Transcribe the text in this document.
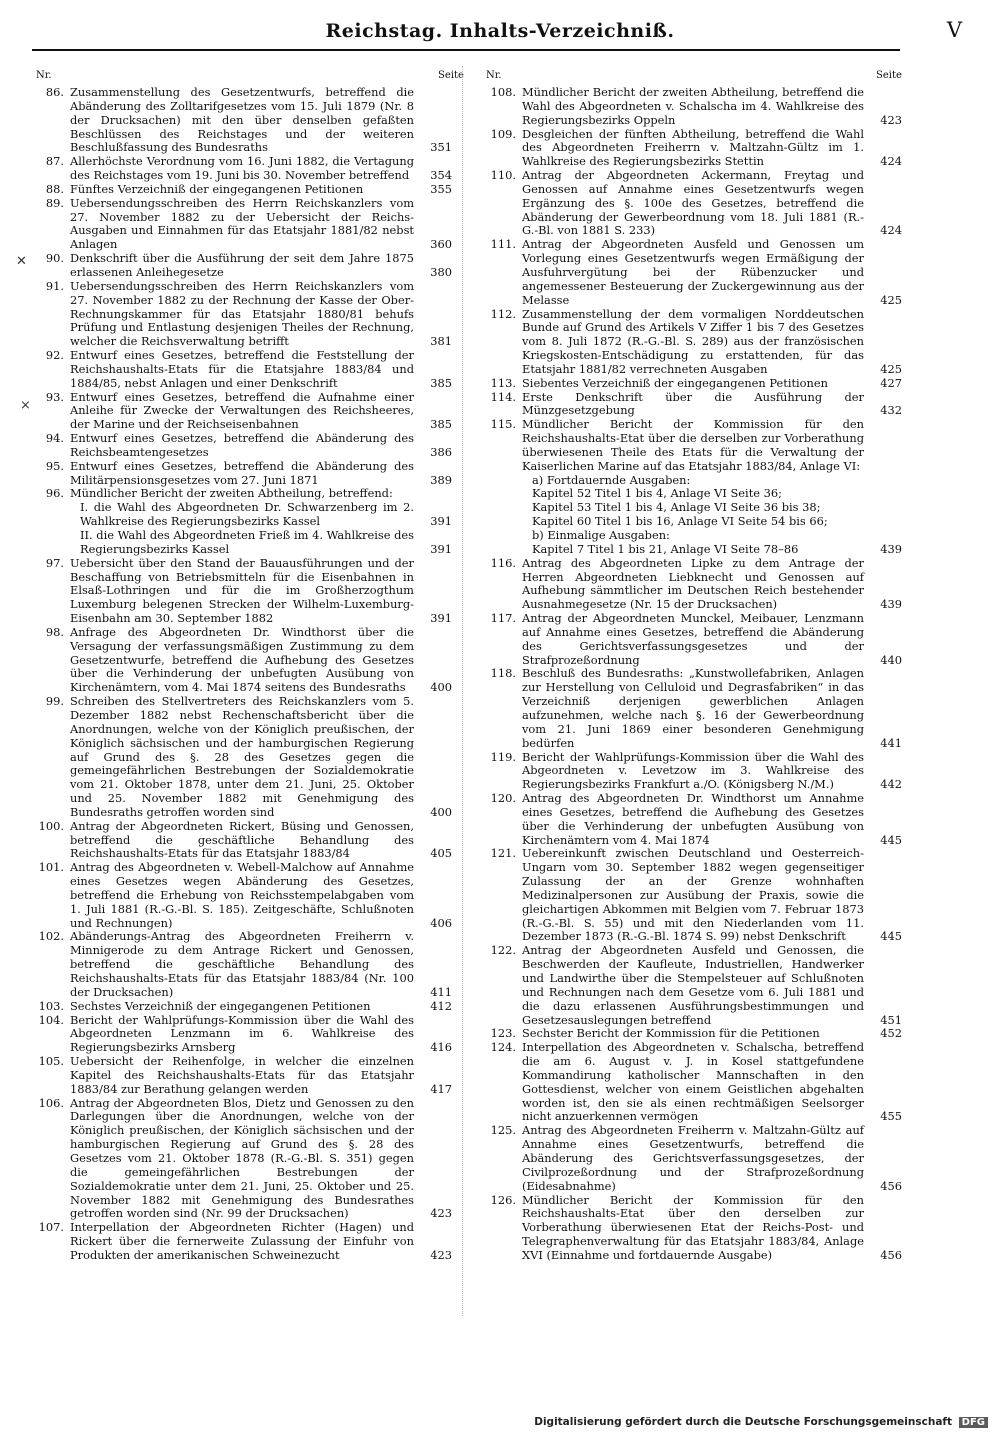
Reichstag. Inhalts-Verzeichniß.	V
Nr.	Seite Nr.	Seite
✕
×
86. Zusammenstellung des Gesetzentwurfs, betreffend die Abänderung des Zolltarifgesetzes vom 15. Juli 1879 (Nr. 8 der Drucksachen) mit den über denselben gefaßten Beschlüssen des Reichstages und der weiteren Beschlußfassung des Bundesraths	351
87. Allerhöchste Verordnung vom 16. Juni 1882, die Vertagung des Reichstages vom 19. Juni bis 30. November betreffend	354
88. Fünftes Verzeichniß der eingegangenen Petitionen	355
89. Uebersendungsschreiben des Herrn Reichskanzlers vom 27. November 1882 zu der Uebersicht der Reichs-Ausgaben und Einnahmen für das Etatsjahr 1881/82 nebst Anlagen	360
90. Denkschrift über die Ausführung der seit dem Jahre 1875 erlassenen Anleihegesetze	380
91. Uebersendungsschreiben des Herrn Reichskanzlers vom 27. November 1882 zu der Rechnung der Kasse der Ober-Rechnungskammer für das Etatsjahr 1880/81 behufs Prüfung und Entlastung desjenigen Theiles der Rechnung, welcher die Reichsverwaltung betrifft	381
92. Entwurf eines Gesetzes, betreffend die Feststellung der Reichshaushalts-Etats für die Etatsjahre 1883/84 und 1884/85, nebst Anlagen und einer Denkschrift	385
93. Entwurf eines Gesetzes, betreffend die Aufnahme einer Anleihe für Zwecke der Verwaltungen des Reichsheeres, der Marine und der Reichseisenbahnen	385
94. Entwurf eines Gesetzes, betreffend die Abänderung des Reichsbeamtengesetzes	386
95. Entwurf eines Gesetzes, betreffend die Abänderung des Militärpensionsgesetzes vom 27. Juni 1871	389
96. Mündlicher Bericht der zweiten Abtheilung, betreffend:
I. die Wahl des Abgeordneten Dr. Schwarzenberg im 2. Wahlkreise des Regierungsbezirks Kassel	391
II. die Wahl des Abgeordneten Frieß im 4. Wahlkreise des Regierungsbezirks Kassel	391
97. Uebersicht über den Stand der Bauausführungen und der Beschaffung von Betriebsmitteln für die Eisenbahnen in Elsaß-Lothringen und für die im Großherzogthum Luxemburg belegenen Strecken der Wilhelm-Luxemburg-Eisenbahn am 30. September 1882	391
98. Anfrage des Abgeordneten Dr. Windthorst über die Versagung der verfassungsmäßigen Zustimmung zu dem Gesetzentwurfe, betreffend die Aufhebung des Gesetzes über die Verhinderung der unbefugten Ausübung von Kirchenämtern, vom 4. Mai 1874 seitens des Bundesraths	400
99. Schreiben des Stellvertreters des Reichskanzlers vom 5. Dezember 1882 nebst Rechenschaftsbericht über die Anordnungen, welche von der Königlich preußischen, der Königlich sächsischen und der hamburgischen Regierung auf Grund des §. 28 des Gesetzes gegen die gemeingefährlichen Bestrebungen der Sozialdemokratie vom 21. Oktober 1878, unter dem 21. Juni, 25. Oktober und 25. November 1882 mit Genehmigung des Bundesraths getroffen worden sind	400
100. Antrag der Abgeordneten Rickert, Büsing und Genossen, betreffend die geschäftliche Behandlung des Reichshaushalts-Etats für das Etatsjahr 1883/84	405
101. Antrag des Abgeordneten v. Webell-Malchow auf Annahme eines Gesetzes wegen Abänderung des Gesetzes, betreffend die Erhebung von Reichsstempelabgaben vom 1. Juli 1881 (R.-G.-Bl. S. 185). Zeitgeschäfte, Schlußnoten und Rechnungen)	406
102. Abänderungs-Antrag des Abgeordneten Freiherrn v. Minnigerode zu dem Antrage Rickert und Genossen, betreffend die geschäftliche Behandlung des Reichshaushalts-Etats für das Etatsjahr 1883/84 (Nr. 100 der Drucksachen)	411
103. Sechstes Verzeichniß der eingegangenen Petitionen	412
104. Bericht der Wahlprüfungs-Kommission über die Wahl des Abgeordneten Lenzmann im 6. Wahlkreise des Regierungsbezirks Arnsberg	416
105. Uebersicht der Reihenfolge, in welcher die einzelnen Kapitel des Reichshaushalts-Etats für das Etatsjahr 1883/84 zur Berathung gelangen werden	417
106. Antrag der Abgeordneten Blos, Dietz und Genossen zu den Darlegungen über die Anordnungen, welche von der Königlich preußischen, der Königlich sächsischen und der hamburgischen Regierung auf Grund des §. 28 des Gesetzes vom 21. Oktober 1878 (R.-G.-Bl. S. 351) gegen die gemeingefährlichen Bestrebungen der Sozialdemokratie unter dem 21. Juni, 25. Oktober und 25. November 1882 mit Genehmigung des Bundesrathes getroffen worden sind (Nr. 99 der Drucksachen)	423
107. Interpellation der Abgeordneten Richter (Hagen) und Rickert über die fernerweite Zulassung der Einfuhr von Produkten der amerikanischen Schweinezucht	423
108. Mündlicher Bericht der zweiten Abtheilung, betreffend die Wahl des Abgeordneten v. Schalscha im 4. Wahlkreise des Regierungsbezirks Oppeln	423
109. Desgleichen der fünften Abtheilung, betreffend die Wahl des Abgeordneten Freiherrn v. Maltzahn-Gültz im 1. Wahlkreise des Regierungsbezirks Stettin	424
110. Antrag der Abgeordneten Ackermann, Freytag und Genossen auf Annahme eines Gesetzentwurfs wegen Ergänzung des §. 100e des Gesetzes, betreffend die Abänderung der Gewerbeordnung vom 18. Juli 1881 (R.-G.-Bl. von 1881 S. 233)	424
111. Antrag der Abgeordneten Ausfeld und Genossen um Vorlegung eines Gesetzentwurfs wegen Ermäßigung der Ausfuhrvergütung bei der Rübenzucker und angemessener Besteuerung der Zuckergewinnung aus der Melasse	425
112. Zusammenstellung der dem vormaligen Norddeutschen Bunde auf Grund des Artikels V Ziffer 1 bis 7 des Gesetzes vom 8. Juli 1872 (R.-G.-Bl. S. 289) aus der französischen Kriegskosten-Entschädigung zu erstattenden, für das Etatsjahr 1881/82 verrechneten Ausgaben	425
113. Siebentes Verzeichniß der eingegangenen Petitionen	427
114. Erste Denkschrift über die Ausführung der Münzgesetzgebung	432
115. Mündlicher Bericht der Kommission für den Reichshaushalts-Etat über die derselben zur Vorberathung überwiesenen Theile des Etats für die Verwaltung der Kaiserlichen Marine auf das Etatsjahr 1883/84, Anlage VI:
a) Fortdauernde Ausgaben:
Kapitel 52 Titel 1 bis 4, Anlage VI Seite 36;
Kapitel 53 Titel 1 bis 4, Anlage VI Seite 36 bis 38;
Kapitel 60 Titel 1 bis 16, Anlage VI Seite 54 bis 66;
b) Einmalige Ausgaben:
Kapitel 7 Titel 1 bis 21, Anlage VI Seite 78–86	439
116. Antrag des Abgeordneten Lipke zu dem Antrage der Herren Abgeordneten Liebknecht und Genossen auf Aufhebung sämmtlicher im Deutschen Reich bestehender Ausnahmegesetze (Nr. 15 der Drucksachen)	439
117. Antrag der Abgeordneten Munckel, Meibauer, Lenzmann auf Annahme eines Gesetzes, betreffend die Abänderung des Gerichtsverfassungsgesetzes und der Strafprozeßordnung	440
118. Beschluß des Bundesraths: „Kunstwollefabriken, Anlagen zur Herstellung von Celluloid und Degrasfabriken“ in das Verzeichniß derjenigen gewerblichen Anlagen aufzunehmen, welche nach §. 16 der Gewerbeordnung vom 21. Juni 1869 einer besonderen Genehmigung bedürfen	441
119. Bericht der Wahlprüfungs-Kommission über die Wahl des Abgeordneten v. Levetzow im 3. Wahlkreise des Regierungsbezirks Frankfurt a./O. (Königsberg N./M.)	442
120. Antrag des Abgeordneten Dr. Windthorst um Annahme eines Gesetzes, betreffend die Aufhebung des Gesetzes über die Verhinderung der unbefugten Ausübung von Kirchenämtern vom 4. Mai 1874	445
121. Uebereinkunft zwischen Deutschland und Oesterreich-Ungarn vom 30. September 1882 wegen gegenseitiger Zulassung der an der Grenze wohnhaften Medizinalpersonen zur Ausübung der Praxis, sowie die gleichartigen Abkommen mit Belgien vom 7. Februar 1873 (R.-G.-Bl. S. 55) und mit den Niederlanden vom 11. Dezember 1873 (R.-G.-Bl. 1874 S. 99) nebst Denkschrift	445
122. Antrag der Abgeordneten Ausfeld und Genossen, die Beschwerden der Kaufleute, Industriellen, Handwerker und Landwirthe über die Stempelsteuer auf Schlußnoten und Rechnungen nach dem Gesetze vom 6. Juli 1881 und die dazu erlassenen Ausführungsbestimmungen und Gesetzesauslegungen betreffend	451
123. Sechster Bericht der Kommission für die Petitionen	452
124. Interpellation des Abgeordneten v. Schalscha, betreffend die am 6. August v. J. in Kosel stattgefundene Kommandirung katholischer Mannschaften in den Gottesdienst, welcher von einem Geistlichen abgehalten worden ist, den sie als einen rechtmäßigen Seelsorger nicht anzuerkennen vermögen	455
125. Antrag des Abgeordneten Freiherrn v. Maltzahn-Gültz auf Annahme eines Gesetzentwurfs, betreffend die Abänderung des Gerichtsverfassungsgesetzes, der Civilprozeßordnung und der Strafprozeßordnung (Eidesabnahme)	456
126. Mündlicher Bericht der Kommission für den Reichshaushalts-Etat über den derselben zur Vorberathung überwiesenen Etat der Reichs-Post- und Telegraphenverwaltung für das Etatsjahr 1883/84, Anlage XVI (Einnahme und fortdauernde Ausgabe)	456
Digitalisierung gefördert durch die Deutsche Forschungsgemeinschaft DFG
